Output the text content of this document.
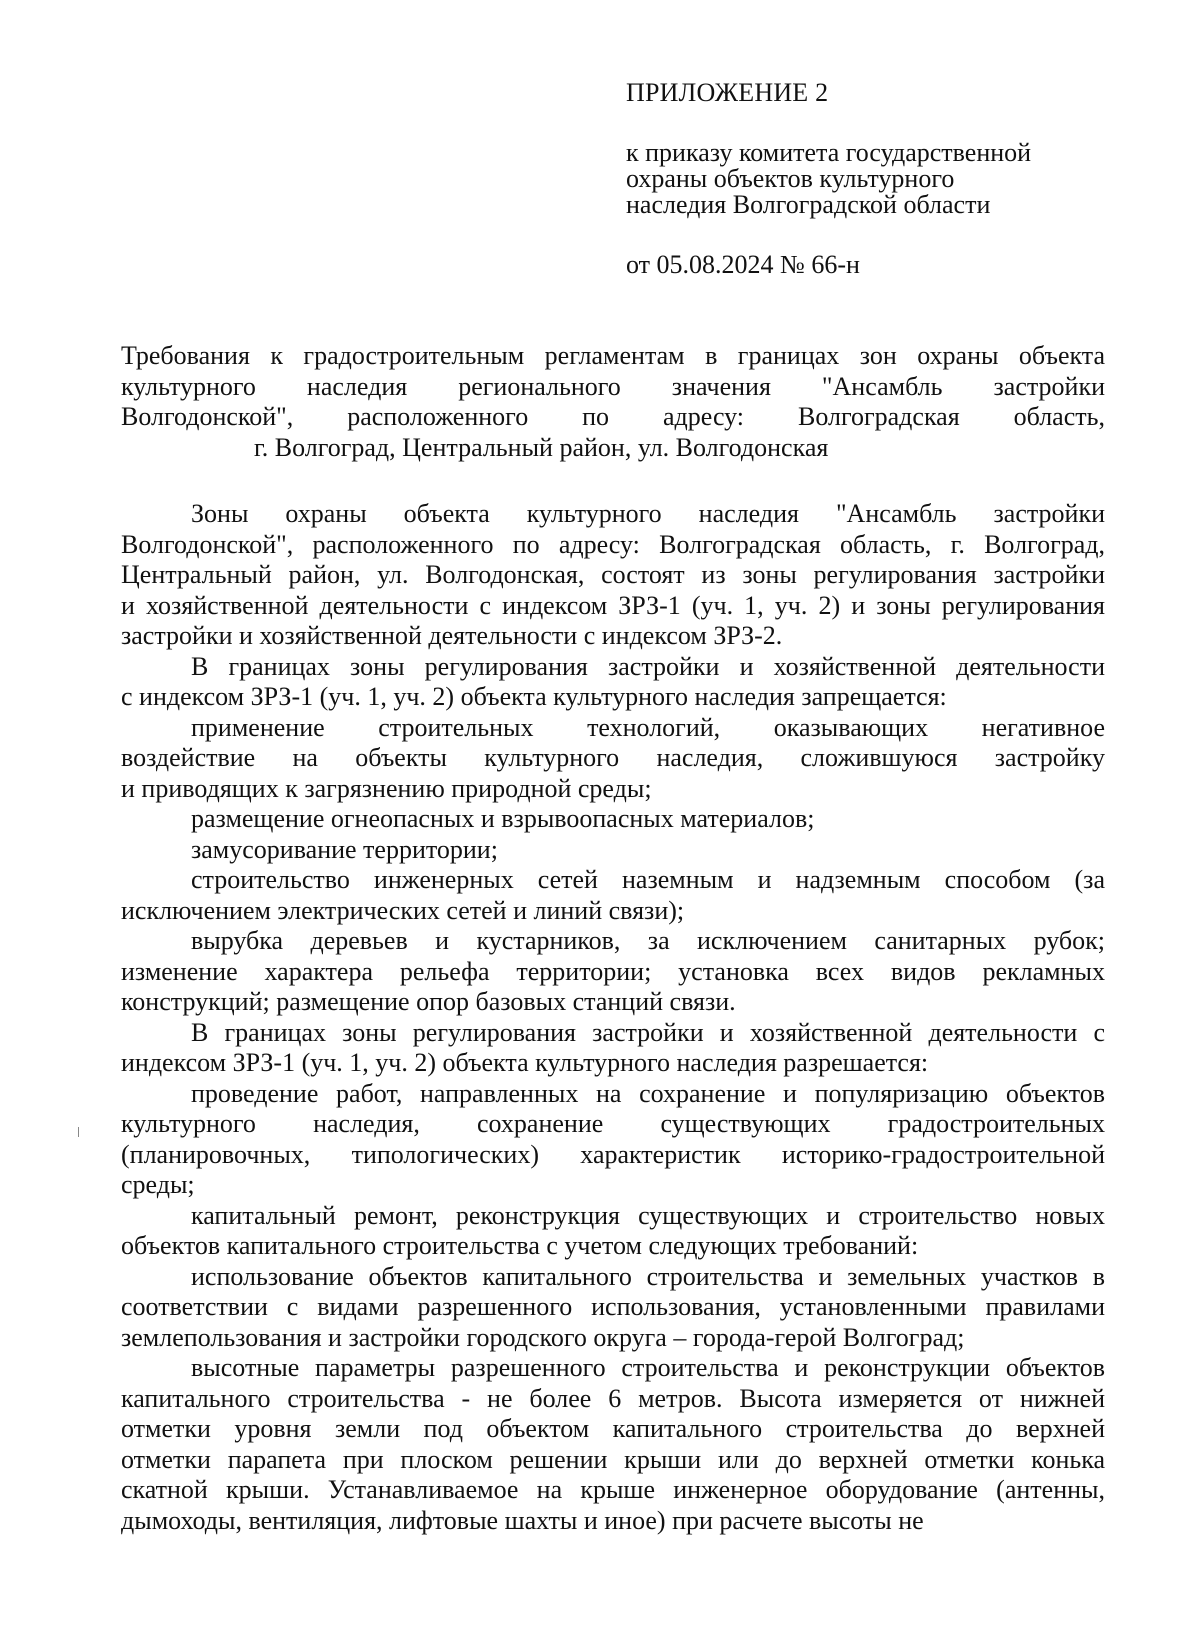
ПРИЛОЖЕНИЕ 2
к приказу комитета государственной
охраны объектов культурного
наследия Волгоградской области
от 05.08.2024 № 66-н
Требования к градостроительным регламентам в границах зон охраны объекта
культурного наследия регионального значения "Ансамбль застройки
Волгодонской", расположенного по адресу: Волгоградская область,
г. Волгоград, Центральный район, ул. Волгодонская
Зоны охраны объекта культурного наследия "Ансамбль застройки
Волгодонской", расположенного по адресу: Волгоградская область, г. Волгоград,
Центральный район, ул. Волгодонская, состоят из зоны регулирования застройки
и хозяйственной деятельности с индексом ЗРЗ-1 (уч. 1, уч. 2) и зоны регулирования
застройки и хозяйственной деятельности с индексом ЗРЗ-2.
В границах зоны регулирования застройки и хозяйственной деятельности
с индексом ЗРЗ-1 (уч. 1, уч. 2) объекта культурного наследия запрещается:
применение строительных технологий, оказывающих негативное
воздействие на объекты культурного наследия, сложившуюся застройку
и приводящих к загрязнению природной среды;
размещение огнеопасных и взрывоопасных материалов;
замусоривание территории;
строительство инженерных сетей наземным и надземным способом (за
исключением электрических сетей и линий связи);
вырубка деревьев и кустарников, за исключением санитарных рубок;
изменение характера рельефа территории; установка всех видов рекламных
конструкций; размещение опор базовых станций связи.
В границах зоны регулирования застройки и хозяйственной деятельности с
индексом ЗРЗ-1 (уч. 1, уч. 2) объекта культурного наследия разрешается:
проведение работ, направленных на сохранение и популяризацию объектов
культурного наследия, сохранение существующих градостроительных
(планировочных, типологических) характеристик историко-градостроительной
среды;
капитальный ремонт, реконструкция существующих и строительство новых
объектов капитального строительства с учетом следующих требований:
использование объектов капитального строительства и земельных участков в
соответствии с видами разрешенного использования, установленными правилами
землепользования и застройки городского округа – города-герой Волгоград;
высотные параметры разрешенного строительства и реконструкции объектов
капитального строительства - не более 6 метров. Высота измеряется от нижней
отметки уровня земли под объектом капитального строительства до верхней
отметки парапета при плоском решении крыши или до верхней отметки конька
скатной крыши. Устанавливаемое на крыше инженерное оборудование (антенны,
дымоходы, вентиляция, лифтовые шахты и иное) при расчете высоты не
